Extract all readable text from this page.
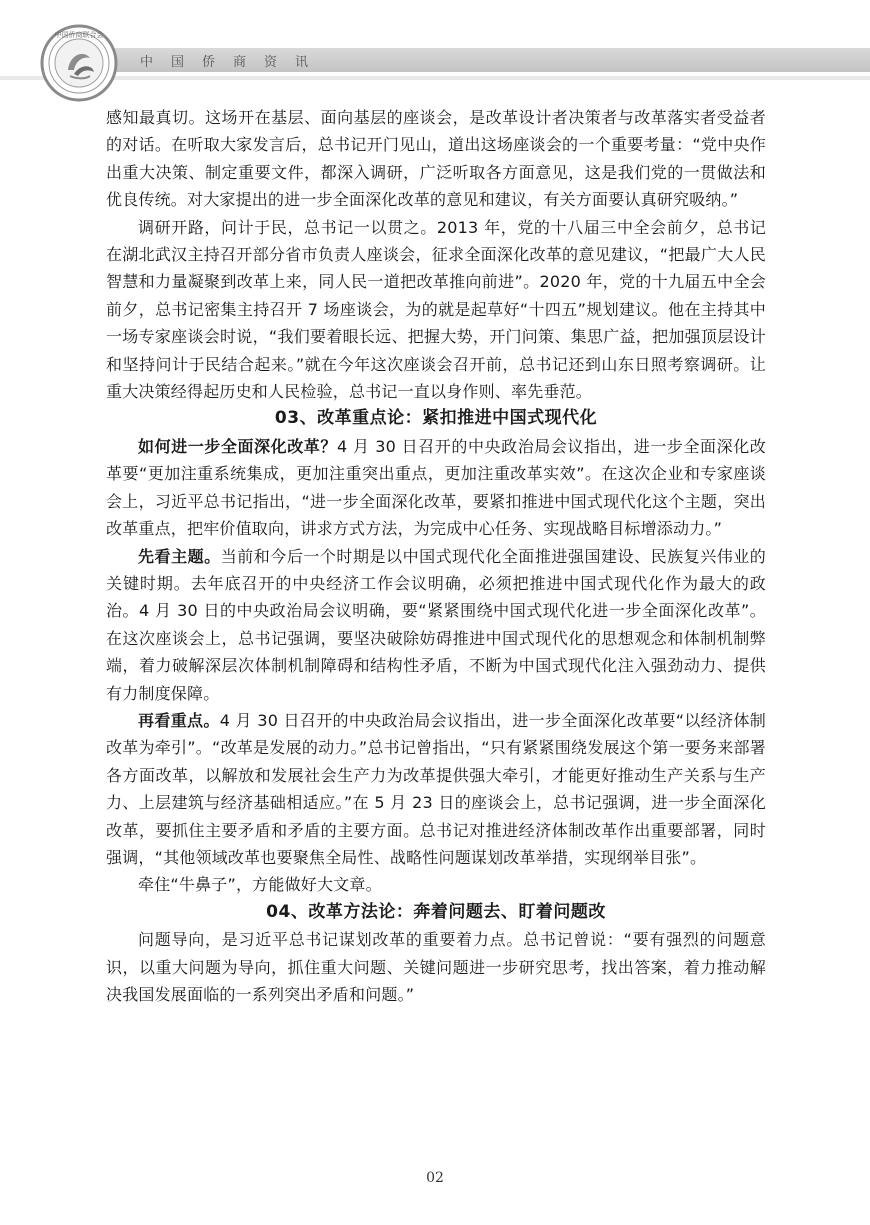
中国侨商联合会
中国侨商资讯

感知最真切。这场开在基层、面向基层的座谈会，是改革设计者决策者与改革落实者受益者的对话。在听取大家发言后，总书记开门见山，道出这场座谈会的一个重要考量：“党中央作出重大决策、制定重要文件，都深入调研，广泛听取各方面意见，这是我们党的一贯做法和优良传统。对大家提出的进一步全面深化改革的意见和建议，有关方面要认真研究吸纳。”

调研开路，问计于民，总书记一以贯之。2013 年，党的十八届三中全会前夕，总书记在湖北武汉主持召开部分省市负责人座谈会，征求全面深化改革的意见建议，“把最广大人民智慧和力量凝聚到改革上来，同人民一道把改革推向前进”。2020 年，党的十九届五中全会前夕，总书记密集主持召开 7 场座谈会，为的就是起草好“十四五”规划建议。他在主持其中一场专家座谈会时说，“我们要着眼长远、把握大势，开门问策、集思广益，把加强顶层设计和坚持问计于民结合起来。”就在今年这次座谈会召开前，总书记还到山东日照考察调研。让重大决策经得起历史和人民检验，总书记一直以身作则、率先垂范。

03、改革重点论：紧扣推进中国式现代化

如何进一步全面深化改革？4 月 30 日召开的中央政治局会议指出，进一步全面深化改革要“更加注重系统集成，更加注重突出重点，更加注重改革实效”。在这次企业和专家座谈会上，习近平总书记指出，“进一步全面深化改革，要紧扣推进中国式现代化这个主题，突出改革重点，把牢价值取向，讲求方式方法，为完成中心任务、实现战略目标增添动力。”

先看主题。当前和今后一个时期是以中国式现代化全面推进强国建设、民族复兴伟业的关键时期。去年底召开的中央经济工作会议明确，必须把推进中国式现代化作为最大的政治。4 月 30 日的中央政治局会议明确，要“紧紧围绕中国式现代化进一步全面深化改革”。在这次座谈会上，总书记强调，要坚决破除妨碍推进中国式现代化的思想观念和体制机制弊端，着力破解深层次体制机制障碍和结构性矛盾，不断为中国式现代化注入强劲动力、提供有力制度保障。

再看重点。4 月 30 日召开的中央政治局会议指出，进一步全面深化改革要“以经济体制改革为牵引”。“改革是发展的动力。”总书记曾指出，“只有紧紧围绕发展这个第一要务来部署各方面改革，以解放和发展社会生产力为改革提供强大牵引，才能更好推动生产关系与生产力、上层建筑与经济基础相适应。”在 5 月 23 日的座谈会上，总书记强调，进一步全面深化改革，要抓住主要矛盾和矛盾的主要方面。总书记对推进经济体制改革作出重要部署，同时强调，“其他领域改革也要聚焦全局性、战略性问题谋划改革举措，实现纲举目张”。

牵住“牛鼻子”，方能做好大文章。

04、改革方法论：奔着问题去、盯着问题改

问题导向，是习近平总书记谋划改革的重要着力点。总书记曾说：“要有强烈的问题意识，以重大问题为导向，抓住重大问题、关键问题进一步研究思考，找出答案，着力推动解决我国发展面临的一系列突出矛盾和问题。”

02
